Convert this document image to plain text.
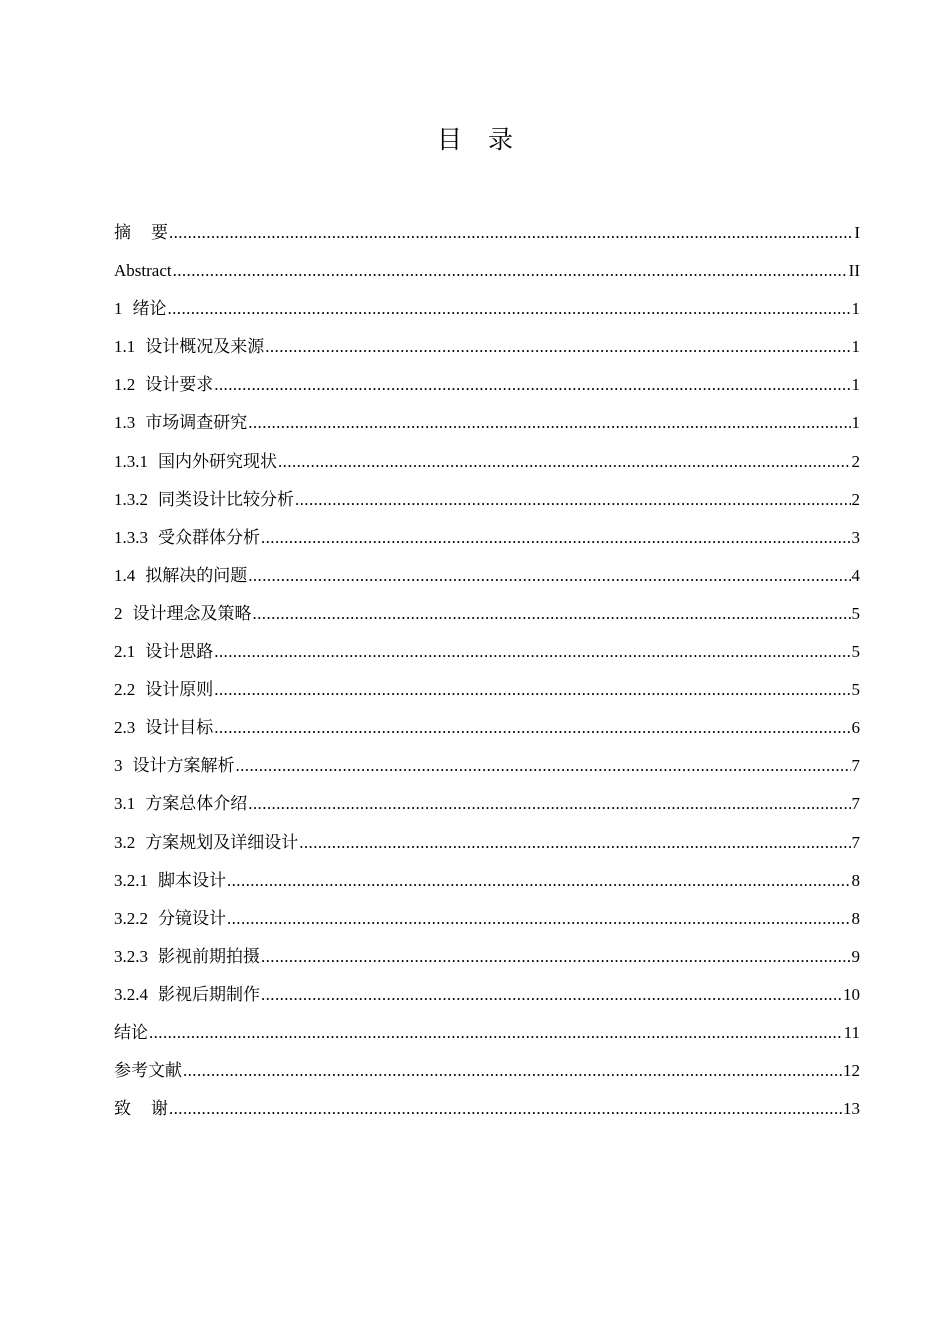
目 录
摘要 .....	I
Abstract .....	II
1 绪论 .....	1
1.1 设计概况及来源 .....	1
1.2 设计要求 .....	1
1.3 市场调查研究 .....	1
1.3.1 国内外研究现状 .....	2
1.3.2 同类设计比较分析 .....	2
1.3.3 受众群体分析 .....	3
1.4 拟解决的问题 .....	4
2 设计理念及策略 .....	5
2.1 设计思路 .....	5
2.2 设计原则 .....	5
2.3 设计目标 .....	6
3 设计方案解析 .....	7
3.1 方案总体介绍 .....	7
3.2 方案规划及详细设计 .....	7
3.2.1 脚本设计 .....	8
3.2.2 分镜设计 .....	8
3.2.3 影视前期拍摄 .....	9
3.2.4 影视后期制作 .....	10
结论 .....	11
参考文献 .....	12
致谢 .....	13
